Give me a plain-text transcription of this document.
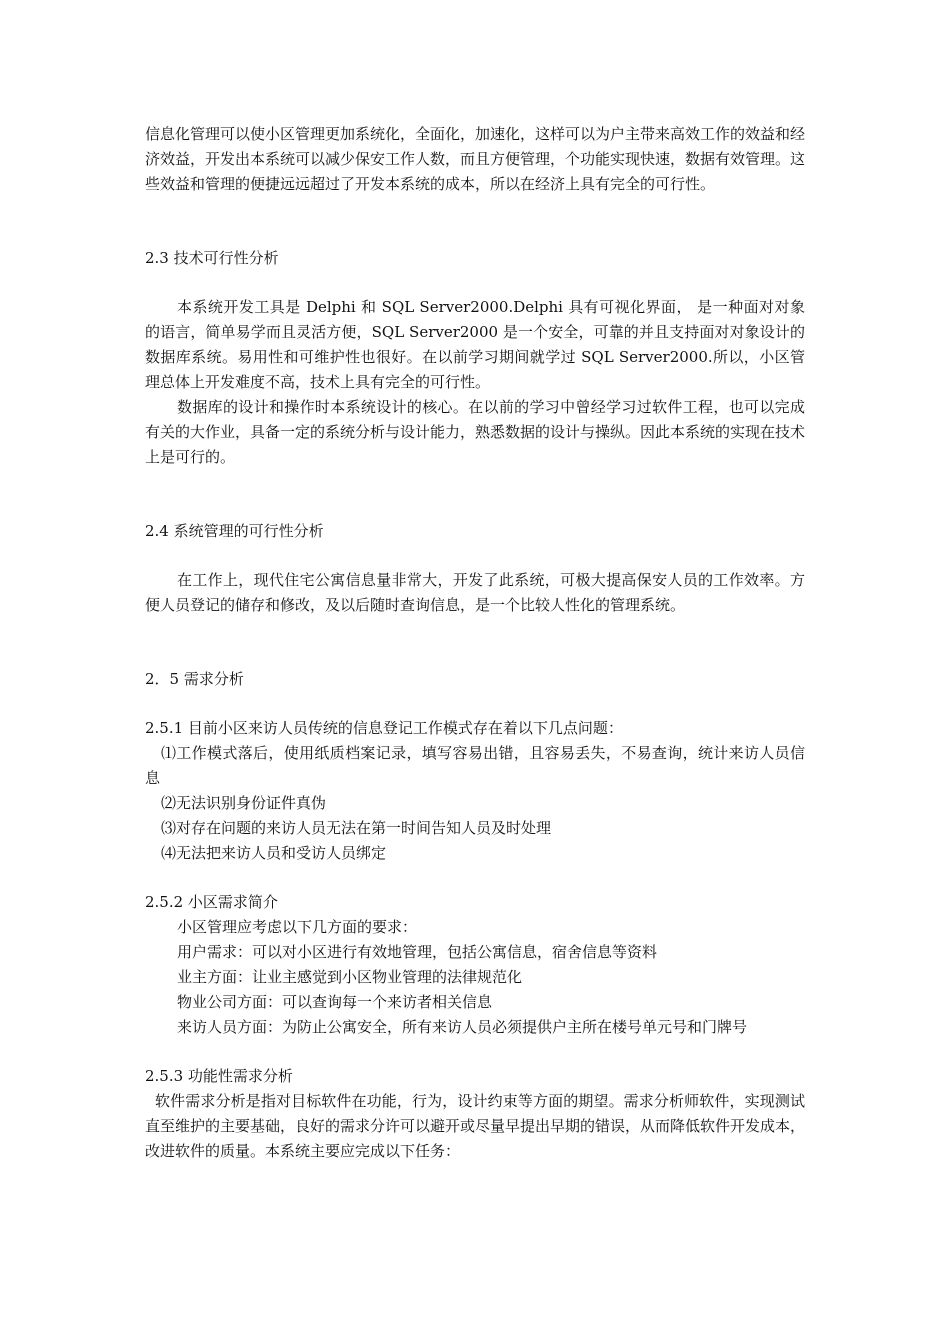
信息化管理可以使小区管理更加系统化，全面化，加速化，这样可以为户主带来高效工作的效益和经济效益，开发出本系统可以减少保安工作人数，而且方便管理，个功能实现快速，数据有效管理。这些效益和管理的便捷远远超过了开发本系统的成本，所以在经济上具有完全的可行性。

2.3 技术可行性分析

本系统开发工具是 Delphi 和 SQL Server2000.Delphi 具有可视化界面， 是一种面对对象的语言，简单易学而且灵活方便，SQL Server2000 是一个安全，可靠的并且支持面对对象设计的数据库系统。易用性和可维护性也很好。在以前学习期间就学过 SQL Server2000.所以，小区管理总体上开发难度不高，技术上具有完全的可行性。

数据库的设计和操作时本系统设计的核心。在以前的学习中曾经学习过软件工程，也可以完成有关的大作业，具备一定的系统分析与设计能力，熟悉数据的设计与操纵。因此本系统的实现在技术上是可行的。

2.4 系统管理的可行性分析

在工作上，现代住宅公寓信息量非常大，开发了此系统，可极大提高保安人员的工作效率。方便人员登记的储存和修改，及以后随时查询信息，是一个比较人性化的管理系统。

2．5 需求分析
2.5.1 目前小区来访人员传统的信息登记工作模式存在着以下几点问题：

⑴工作模式落后，使用纸质档案记录，填写容易出错，且容易丢失，不易查询，统计来访人员信息

⑵无法识别身份证件真伪

⑶对存在问题的来访人员无法在第一时间告知人员及时处理

⑷无法把来访人员和受访人员绑定

2.5.2 小区需求简介

小区管理应考虑以下几方面的要求：

用户需求：可以对小区进行有效地管理，包括公寓信息，宿舍信息等资料

业主方面：让业主感觉到小区物业管理的法律规范化

物业公司方面：可以查询每一个来访者相关信息

来访人员方面：为防止公寓安全，所有来访人员必须提供户主所在楼号单元号和门牌号

2.5.3 功能性需求分析

软件需求分析是指对目标软件在功能，行为，设计约束等方面的期望。需求分析师软件，实现测试直至维护的主要基础，良好的需求分许可以避开或尽量早提出早期的错误，从而降低软件开发成本，改进软件的质量。本系统主要应完成以下任务：
